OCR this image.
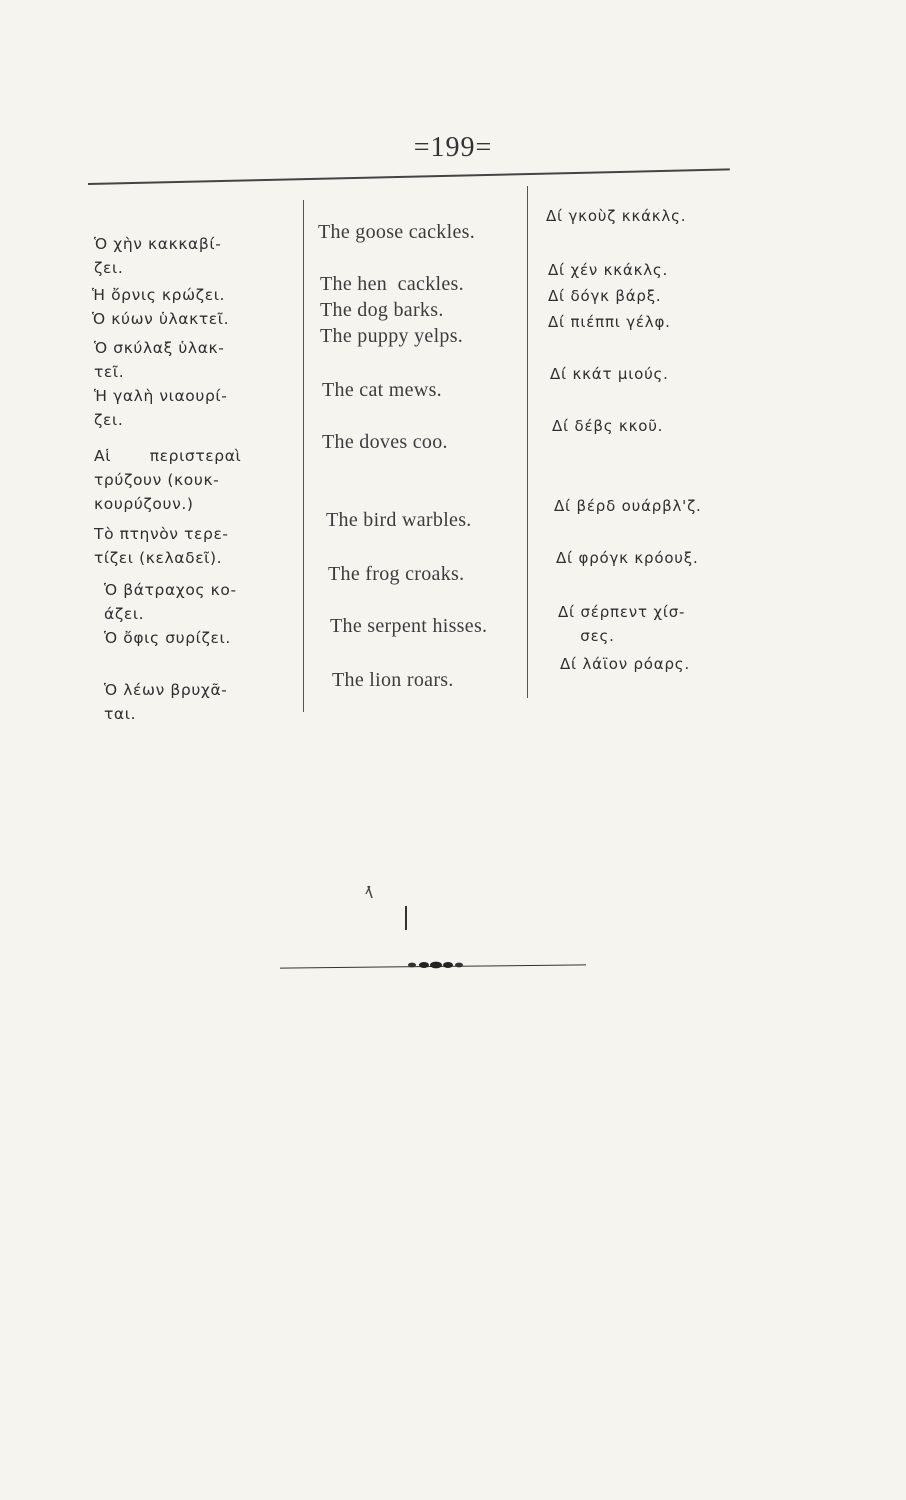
=199=
Ὁ χὴν κακκαβί-
ζει.
Ἡ ὄρνις κρώζει.
Ὁ κύων ὑλακτεῖ.
Ὁ σκύλαξ ὑλακ-
τεῖ.
Ἡ γαλὴ νιαουρί-
ζει.
Αἱ       περιστεραὶ
τρύζουν (κουκ-
κουρύζουν.)
Τὸ πτηνὸν τερε-
τίζει (κελαδεῖ).
Ὁ βάτραχος κο-
άζει.
Ὁ ὄφις συρίζει.
Ὁ λέων βρυχᾶ-
ται.
The goose cackles.
The hen  cackles.
The dog barks.
The puppy yelps.
The cat mews.
The doves coo.
The bird warbles.
The frog croaks.
The serpent hisses.
The lion roars.
Δί γκοὺζ κκάκλς.
Δί χέν κκάκλς.
Δί δόγκ βάρξ.
Δί πιέππι γέλφ.
Δί κκάτ μιούς.
Δί δέβς κκοῦ.
Δί βέρδ ουάρβλ'ζ.
Δί φρόγκ κρόουξ.
Δί σέρπεντ χίσ-
σες.
Δί λάϊον ρόαρς.
